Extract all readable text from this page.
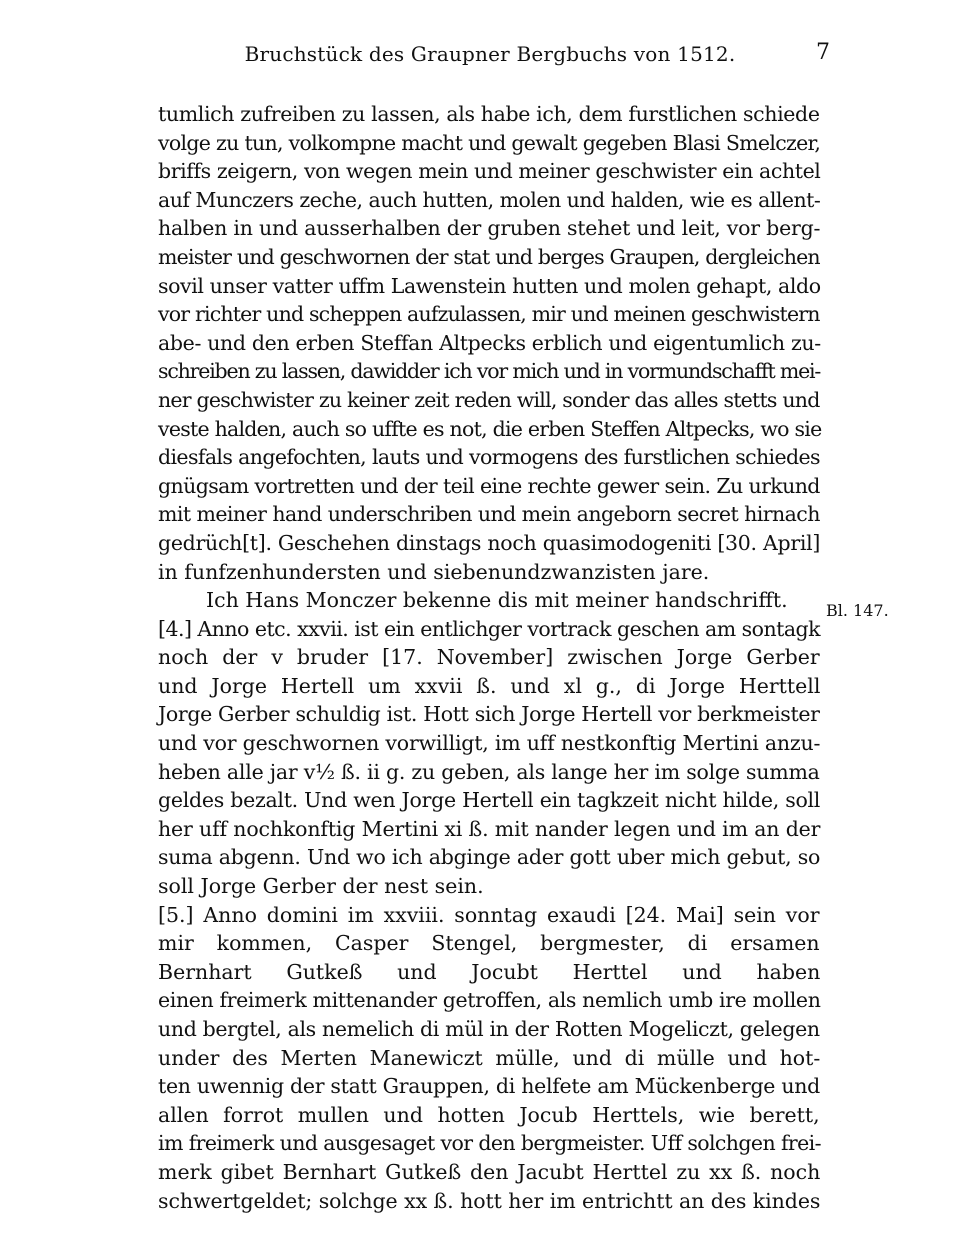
Bruchstück des Graupner Bergbuchs von 1512.	7
tumlich zufreiben zu lassen, als habe ich, dem furstlichen schiede
volge zu tun, volkompne macht und gewalt gegeben Blasi Smelczer,
briffs zeigern, von wegen mein und meiner geschwister ein achtel
auf Munczers zeche, auch hutten, molen und halden, wie es allent-
halben in und ausserhalben der gruben stehet und leit, vor berg-
meister und geschwornen der stat und berges Graupen, dergleichen
sovil unser vatter uffm Lawenstein hutten und molen gehapt, aldo
vor richter und scheppen aufzulassen, mir und meinen geschwistern
abe- und den erben Steffan Altpecks erblich und eigentumlich zu-
schreiben zu lassen, dawidder ich vor mich und in vormundschafft mei-
ner geschwister zu keiner zeit reden will, sonder das alles stetts und
veste halden, auch so uffte es not, die erben Steffen Altpecks, wo sie
diesfals angefochten, lauts und vormogens des furstlichen schiedes
gnügsam vortretten und der teil eine rechte gewer sein. Zu urkund
mit meiner hand underschriben und mein angeborn secret hirnach
gedrüch[t]. Geschehen dinstags noch quasimodogeniti [30. April]
in funfzenhundersten und siebenundzwanzisten jare.
Ich Hans Monczer bekenne dis mit meiner handschrifft.
[4.] Anno etc. xxvii. ist ein entlichger vortrack geschen am sontagk
noch der v bruder [17. November] zwischen Jorge Gerber
und Jorge Hertell um xxvii ß. und xl g., di Jorge Herttell
Jorge Gerber schuldig ist. Hott sich Jorge Hertell vor berkmeister
und vor geschwornen vorwilligt, im uff nestkonftig Mertini anzu-
heben alle jar v½ ß. ii g. zu geben, als lange her im solge summa
geldes bezalt. Und wen Jorge Hertell ein tagkzeit nicht hilde, soll
her uff nochkonftig Mertini xi ß. mit nander legen und im an der
suma abgenn. Und wo ich abginge ader gott uber mich gebut, so
soll Jorge Gerber der nest sein.
[5.] Anno domini im xxviii. sonntag exaudi [24. Mai] sein vor
mir kommen, Casper Stengel, bergmester, di ersamen
Bernhart Gutkeß und Jocubt Herttel und haben
einen freimerk mittenander getroffen, als nemlich umb ire mollen
und bergtel, als nemelich di mül in der Rotten Mogeliczt, gelegen
under des Merten Manewiczt mülle, und di mülle und hot-
ten uwennig der statt Grauppen, di helfete am Mückenberge und
allen forrot mullen und hotten Jocub Herttels, wie berett,
im freimerk und ausgesaget vor den bergmeister. Uff solchgen frei-
merk gibet Bernhart Gutkeß den Jacubt Herttel zu xx ß. noch
schwertgeldet; solchge xx ß. hott her im entrichtt an des kindes
Bl. 147.
